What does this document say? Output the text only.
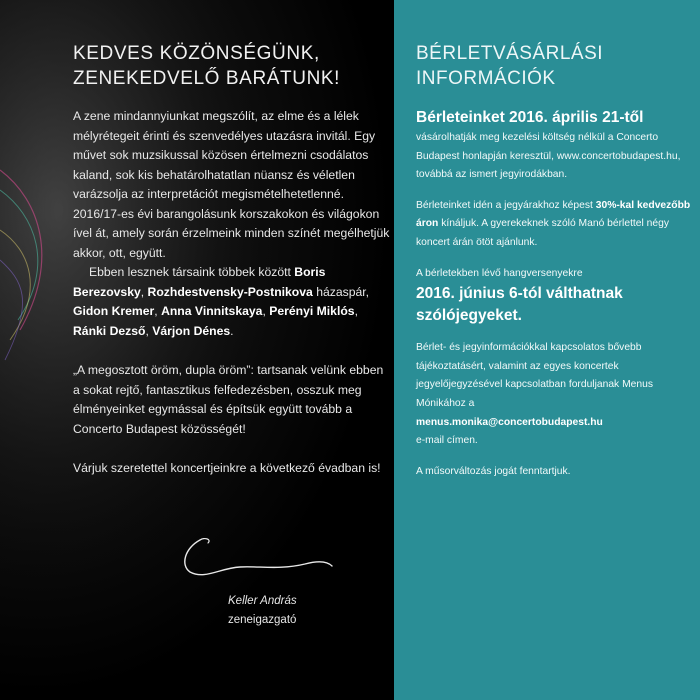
KEDVES KÖZÖNSÉGÜNK,
ZENEKEDVELŐ BARÁTUNK!

A zene mindannyiunkat megszólít, az elme és a lélek mélyrétegeit érinti és szenvedélyes utazásra invitál. Egy művet sok muzsikussal közösen értelmezni csodálatos kaland, sok kis behatárolhatatlan nüansz és véletlen varázsolja az interpretációt megismételhetetlenné. 2016/17-es évi barangolásunk korszakokon és világokon ível át, amely során érzelmeink minden színét megélhetjük akkor, ott, együtt.

Ebben lesznek társaink többek között Boris Berezovsky, Rozhdestvensky-Postnikova házaspár, Gidon Kremer, Anna Vinnitskaya, Perényi Miklós, Ránki Dezső, Várjon Dénes.

„A megosztott öröm, dupla öröm”: tartsanak velünk ebben a sokat rejtő, fantasztikus felfedezésben, osszuk meg élményeinket egymással és építsük együtt tovább a Concerto Budapest közösségét!

Várjuk szeretettel koncertjeinkre a következő évadban is!

Keller András
zeneigazgató
BÉRLETVÁSÁRLÁSI
INFORMÁCIÓK

Bérleteinket 2016. április 21-től

vásárolhatják meg kezelési költség nélkül a Concerto Budapest honlapján keresztül, www.concertobudapest.hu, továbbá az ismert jegyirodákban.

Bérleteinket idén a jegyárakhoz képest 30%-kal kedvezőbb áron kínáljuk. A gyerekeknek szóló Manó bérlettel négy koncert árán ötöt ajánlunk.

A bérletekben lévő hangversenyekre

2016. június 6-tól válthatnak szólójegyeket.

Bérlet- és jegyinformációkkal kapcsolatos bővebb tájékoztatásért, valamint az egyes koncertek jegyelőjegyzésével kapcsolatban forduljanak Menus Mónikához a

menus.monika@concertobudapest.hu

e-mail címen.

A műsorváltozás jogát fenntartjuk.
